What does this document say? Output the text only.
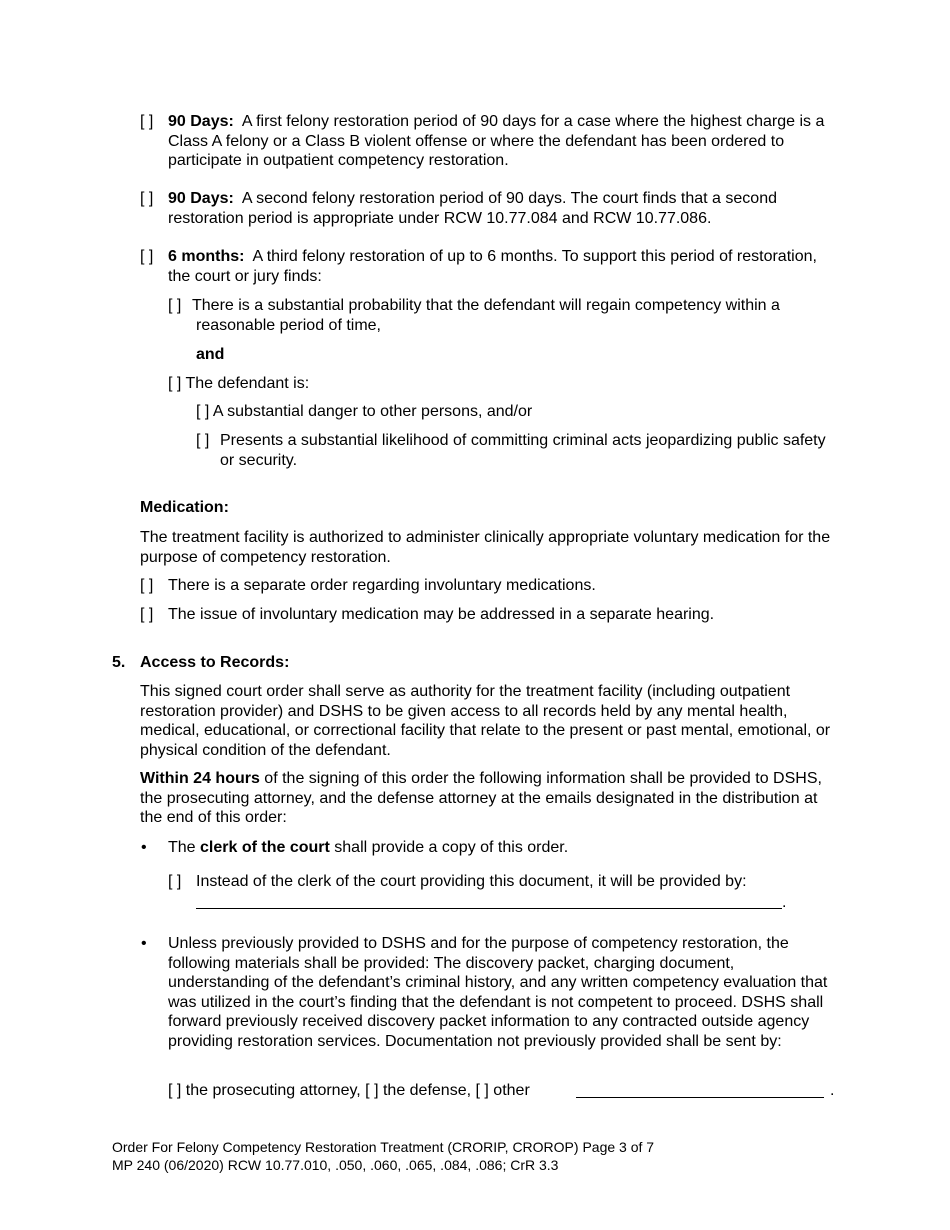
[ ] 90 Days: A first felony restoration period of 90 days for a case where the highest charge is a Class A felony or a Class B violent offense or where the defendant has been ordered to participate in outpatient competency restoration.
[ ] 90 Days: A second felony restoration period of 90 days. The court finds that a second restoration period is appropriate under RCW 10.77.084 and RCW 10.77.086.
[ ] 6 months: A third felony restoration of up to 6 months. To support this period of restoration, the court or jury finds:
[ ] There is a substantial probability that the defendant will regain competency within a reasonable period of time,
and
[ ] The defendant is:
[ ] A substantial danger to other persons, and/or
[ ] Presents a substantial likelihood of committing criminal acts jeopardizing public safety or security.
Medication:
The treatment facility is authorized to administer clinically appropriate voluntary medication for the purpose of competency restoration.
[ ] There is a separate order regarding involuntary medications.
[ ] The issue of involuntary medication may be addressed in a separate hearing.
5. Access to Records:
This signed court order shall serve as authority for the treatment facility (including outpatient restoration provider) and DSHS to be given access to all records held by any mental health, medical, educational, or correctional facility that relate to the present or past mental, emotional, or physical condition of the defendant.
Within 24 hours of the signing of this order the following information shall be provided to DSHS, the prosecuting attorney, and the defense attorney at the emails designated in the distribution at the end of this order:
• The clerk of the court shall provide a copy of this order.
[ ] Instead of the clerk of the court providing this document, it will be provided by:
.
• Unless previously provided to DSHS and for the purpose of competency restoration, the following materials shall be provided: The discovery packet, charging document, understanding of the defendant’s criminal history, and any written competency evaluation that was utilized in the court’s finding that the defendant is not competent to proceed. DSHS shall forward previously received discovery packet information to any contracted outside agency providing restoration services. Documentation not previously provided shall be sent by:
[ ] the prosecuting attorney, [ ] the defense, [ ] other	.
Order For Felony Competency Restoration Treatment (CRORIP, CROROP) Page 3 of 7
MP 240 (06/2020) RCW 10.77.010, .050, .060, .065, .084, .086; CrR 3.3
